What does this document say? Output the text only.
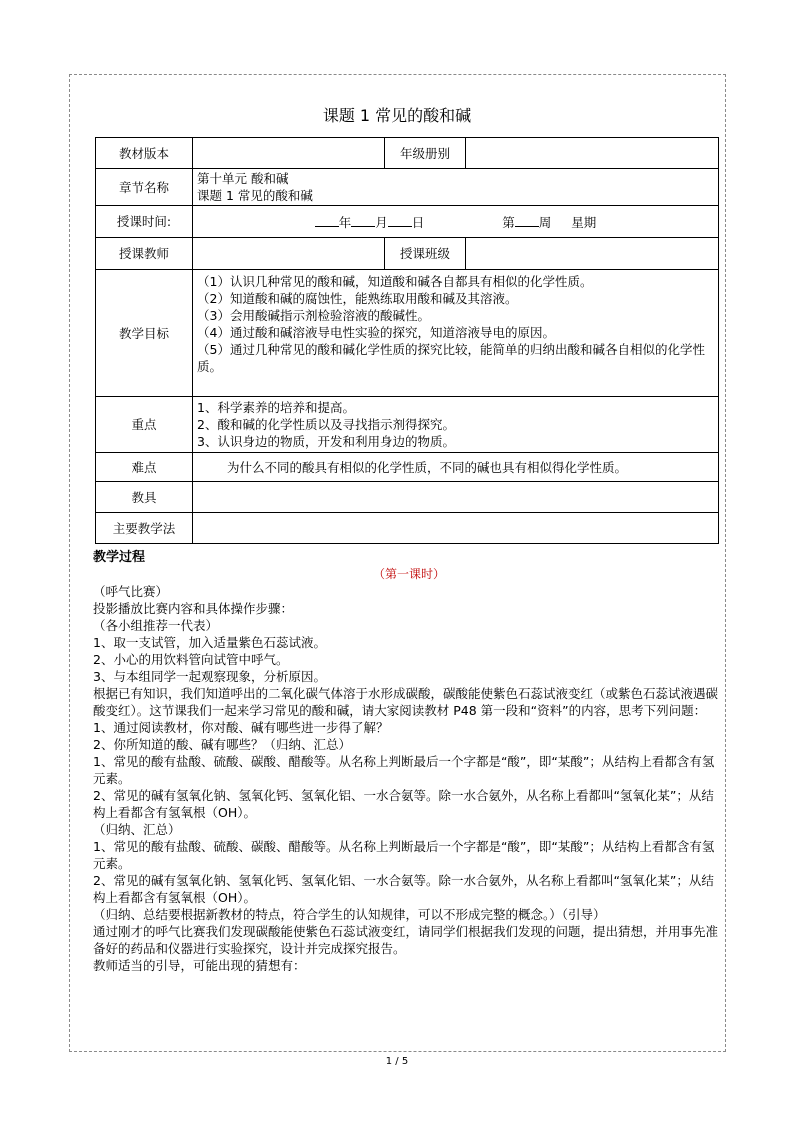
课题 1 常见的酸和碱
教材版本		年级册别	
章节名称	第十单元 酸和碱
课题 1 常见的酸和碱		

授课时间:	年 月 日 第 周 星期		
授课教师		授课班级	
教学目标	（1）认识几种常见的酸和碱，知道酸和碱各自都具有相似的化学性质。
（2）知道酸和碱的腐蚀性，能熟练取用酸和碱及其溶液。
（3）会用酸碱指示剂检验溶液的酸碱性。
（4）通过酸和碱溶液导电性实验的探究，知道溶液导电的原因。
（5）通过几种常见的酸和碱化学性质的探究比较，能简单的归纳出酸和碱各自相似的化学性质。		

重点	1、科学素养的培养和提高。
2、酸和碱的化学性质以及寻找指示剂得探究。
3、认识身边的物质，开发和利用身边的物质。		

难点	为什么不同的酸具有相似的化学性质，不同的碱也具有相似得化学性质。		
教具			
主要教学法			
教学过程
（第一课时）

（呼气比赛）

投影播放比赛内容和具体操作步骤：

（各小组推荐一代表）

1、取一支试管，加入适量紫色石蕊试液。

2、小心的用饮料管向试管中呼气。

3、与本组同学一起观察现象，分析原因。

根据已有知识，我们知道呼出的二氧化碳气体溶于水形成碳酸，碳酸能使紫色石蕊试液变红（或紫色石蕊试液遇碳酸变红）。这节课我们一起来学习常见的酸和碱，请大家阅读教材 P48 第一段和“资料”的内容，思考下列问题：

1、通过阅读教材，你对酸、碱有哪些进一步得了解？

2、你所知道的酸、碱有哪些？（归纳、汇总）

1、常见的酸有盐酸、硫酸、碳酸、醋酸等。从名称上判断最后一个字都是“酸”，即“某酸”；从结构上看都含有氢元素。

2、常见的碱有氢氧化钠、氢氧化钙、氢氧化铝、一水合氨等。除一水合氨外，从名称上看都叫“氢氧化某”；从结构上看都含有氢氧根（OH）。

（归纳、汇总）

1、常见的酸有盐酸、硫酸、碳酸、醋酸等。从名称上判断最后一个字都是“酸”，即“某酸”；从结构上看都含有氢元素。

2、常见的碱有氢氧化钠、氢氧化钙、氢氧化铝、一水合氨等。除一水合氨外，从名称上看都叫“氢氧化某”；从结构上看都含有氢氧根（OH）。

（归纳、总结要根据新教材的特点，符合学生的认知规律，可以不形成完整的概念。）（引导）

通过刚才的呼气比赛我们发现碳酸能使紫色石蕊试液变红，请同学们根据我们发现的问题，提出猜想，并用事先准备好的药品和仪器进行实验探究，设计并完成探究报告。

教师适当的引导，可能出现的猜想有：

1 / 5
